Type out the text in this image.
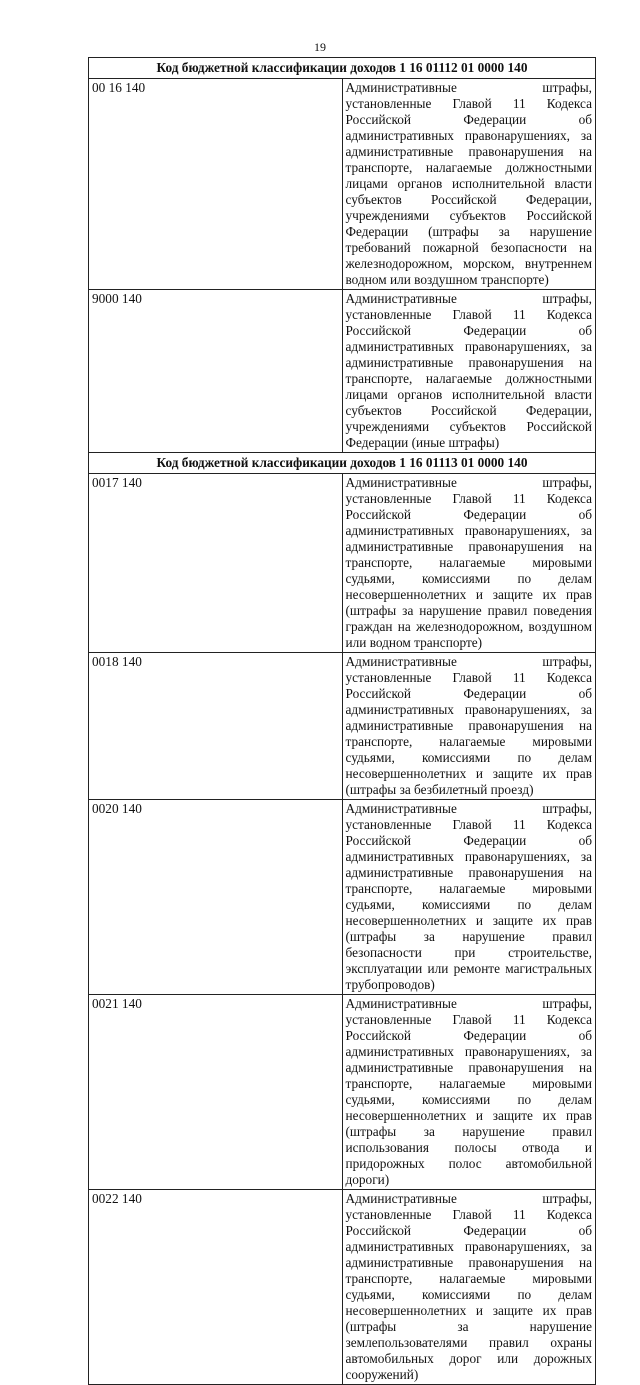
19
Код бюджетной классификации доходов 1 16 01112 01 0000 140	
00 16 140	Административные штрафы, установленные Главой 11 Кодекса Российской Федерации об административных правонарушениях, за административные правонарушения на транспорте, налагаемые должностными лицами органов исполнительной власти субъектов Российской Федерации, учреждениями субъектов Российской Федерации (штрафы за нарушение требований пожарной безопасности на железнодорожном, морском, внутреннем водном или воздушном транспорте)
9000 140	Административные штрафы, установленные Главой 11 Кодекса Российской Федерации об административных правонарушениях, за административные правонарушения на транспорте, налагаемые должностными лицами органов исполнительной власти субъектов Российской Федерации, учреждениями субъектов Российской Федерации (иные штрафы)
Код бюджетной классификации доходов 1 16 01113 01 0000 140	
0017 140	Административные штрафы, установленные Главой 11 Кодекса Российской Федерации об административных правонарушениях, за административные правонарушения на транспорте, налагаемые мировыми судьями, комиссиями по делам несовершеннолетних и защите их прав (штрафы за нарушение правил поведения граждан на железнодорожном, воздушном или водном транспорте)
0018 140	Административные штрафы, установленные Главой 11 Кодекса Российской Федерации об административных правонарушениях, за административные правонарушения на транспорте, налагаемые мировыми судьями, комиссиями по делам несовершеннолетних и защите их прав (штрафы за безбилетный проезд)
0020 140	Административные штрафы, установленные Главой 11 Кодекса Российской Федерации об административных правонарушениях, за административные правонарушения на транспорте, налагаемые мировыми судьями, комиссиями по делам несовершеннолетних и защите их прав (штрафы за нарушение правил безопасности при строительстве, эксплуатации или ремонте магистральных трубопроводов)
0021 140	Административные штрафы, установленные Главой 11 Кодекса Российской Федерации об административных правонарушениях, за административные правонарушения на транспорте, налагаемые мировыми судьями, комиссиями по делам несовершеннолетних и защите их прав (штрафы за нарушение правил использования полосы отвода и придорожных полос автомобильной дороги)
0022 140	Административные штрафы, установленные Главой 11 Кодекса Российской Федерации об административных правонарушениях, за административные правонарушения на транспорте, налагаемые мировыми судьями, комиссиями по делам несовершеннолетних и защите их прав (штрафы за нарушение землепользователями правил охраны автомобильных дорог или дорожных сооружений)
